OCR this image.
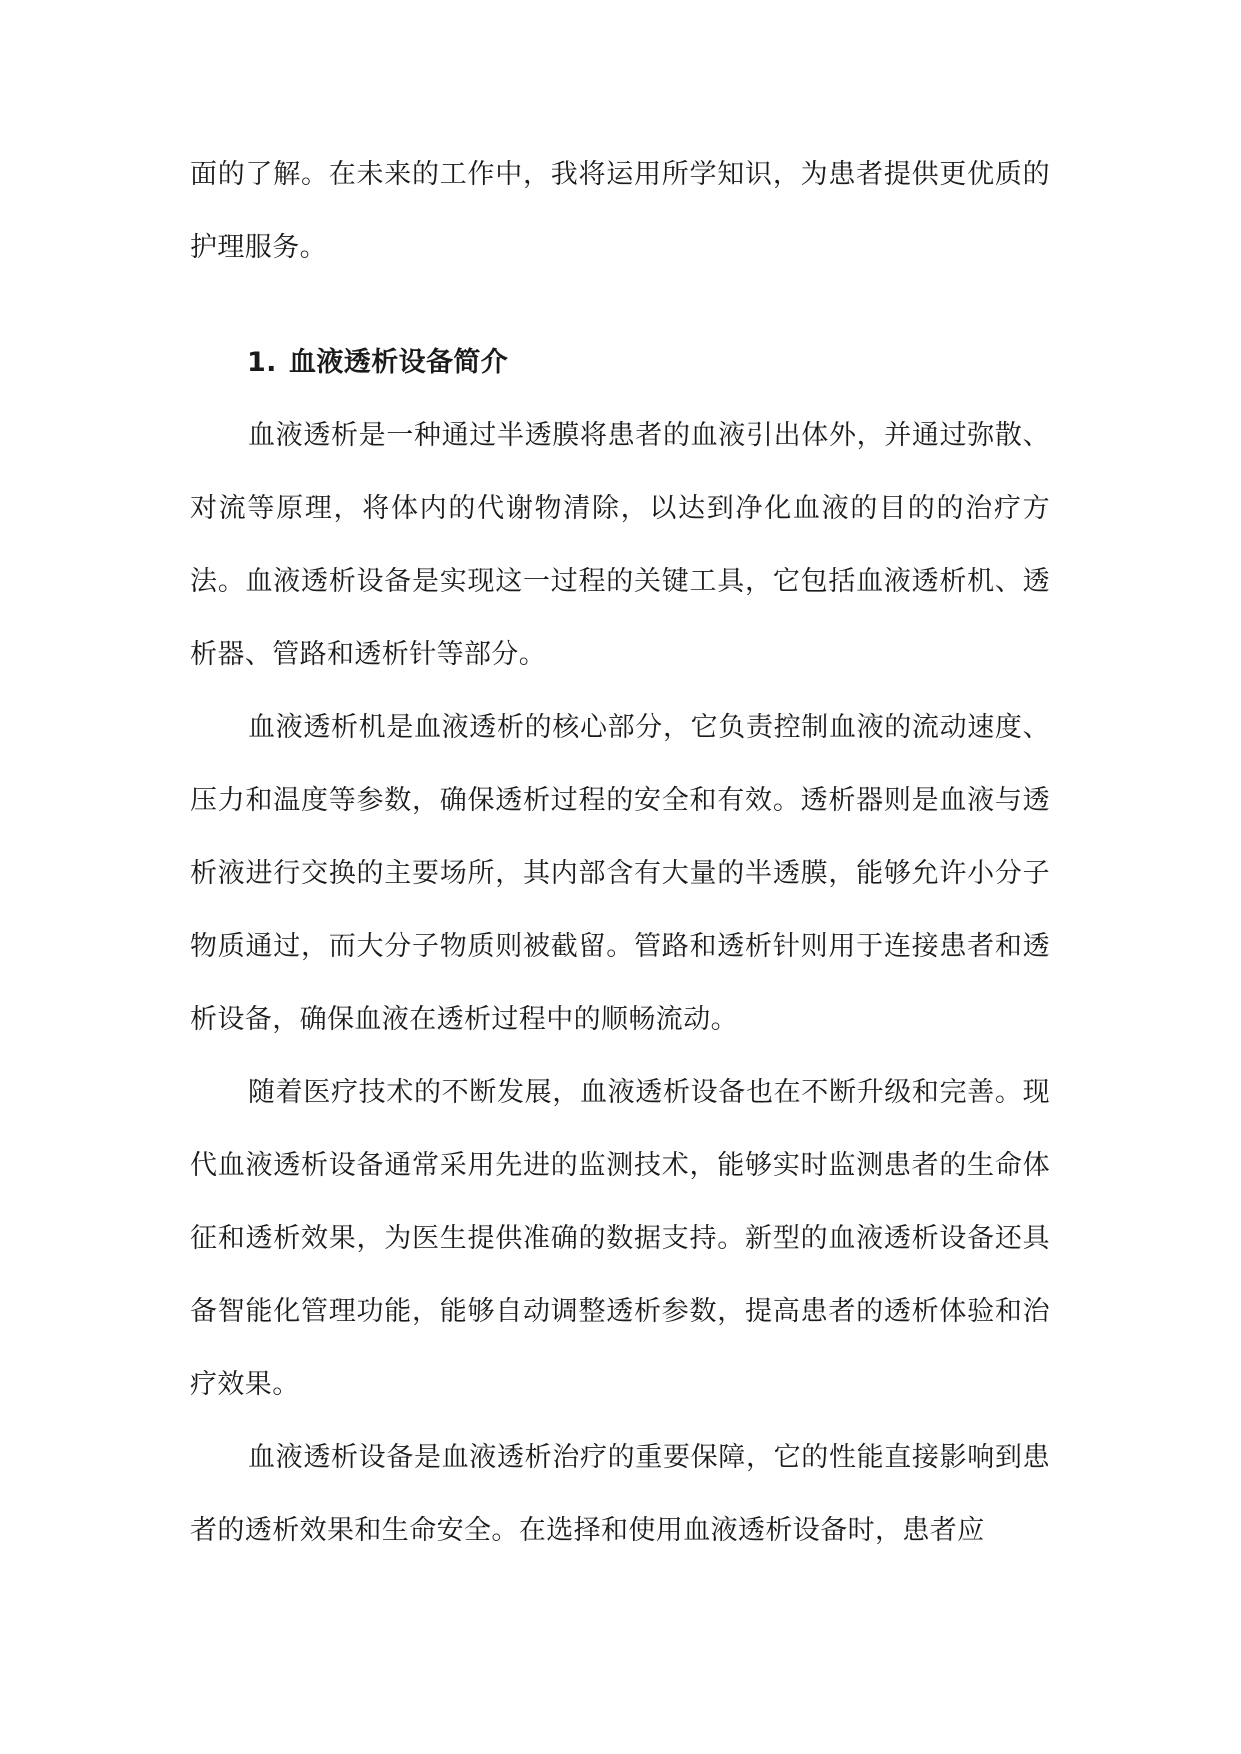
面的了解。在未来的工作中，我将运用所学知识，为患者提供更优质的护理服务。

1. 血液透析设备简介

血液透析是一种通过半透膜将患者的血液引出体外，并通过弥散、对流等原理，将体内的代谢物清除，以达到净化血液的目的的治疗方法。血液透析设备是实现这一过程的关键工具，它包括血液透析机、透析器、管路和透析针等部分。

血液透析机是血液透析的核心部分，它负责控制血液的流动速度、压力和温度等参数，确保透析过程的安全和有效。透析器则是血液与透析液进行交换的主要场所，其内部含有大量的半透膜，能够允许小分子物质通过，而大分子物质则被截留。管路和透析针则用于连接患者和透析设备，确保血液在透析过程中的顺畅流动。

随着医疗技术的不断发展，血液透析设备也在不断升级和完善。现代血液透析设备通常采用先进的监测技术，能够实时监测患者的生命体征和透析效果，为医生提供准确的数据支持。新型的血液透析设备还具备智能化管理功能，能够自动调整透析参数，提高患者的透析体验和治疗效果。

血液透析设备是血液透析治疗的重要保障，它的性能直接影响到患者的透析效果和生命安全。在选择和使用血液透析设备时，患者应
